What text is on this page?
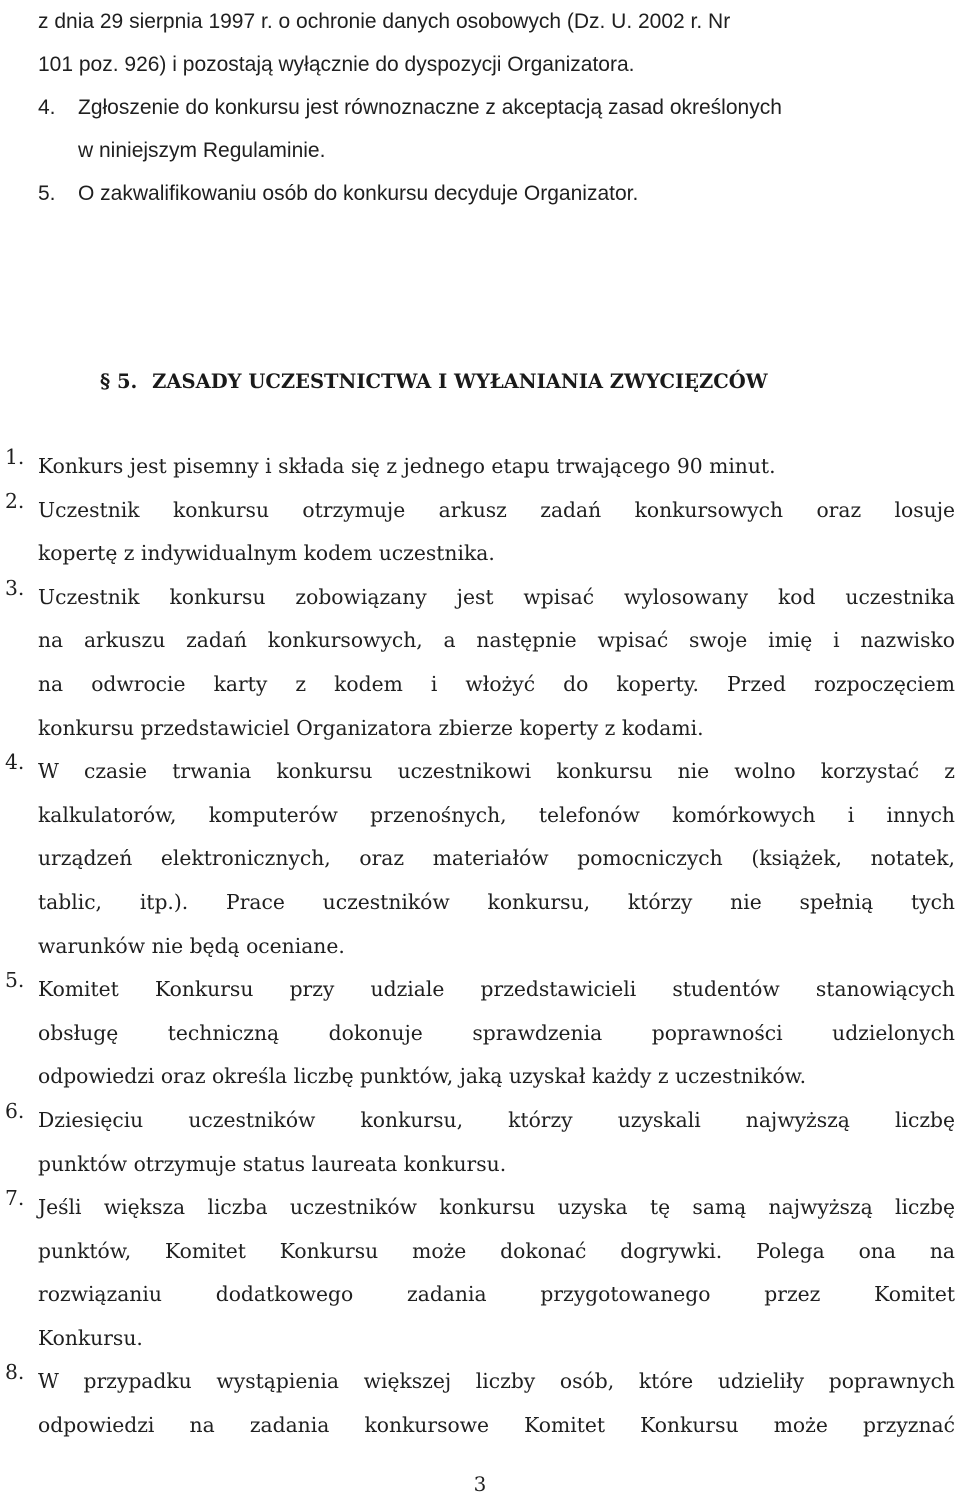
z dnia 29 sierpnia 1997 r. o ochronie danych osobowych (Dz. U. 2002 r. Nr
101 poz. 926) i pozostają wyłącznie do dyspozycji Organizatora.
4.	Zgłoszenie do konkursu jest równoznaczne z akceptacją zasad określonych
w niniejszym Regulaminie.
5.	O zakwalifikowaniu osób do konkursu decyduje Organizator.
§ 5. ZASADY UCZESTNICTWA I WYŁANIANIA ZWYCIĘZCÓW
1. Konkurs jest pisemny i składa się z jednego etapu trwającego 90 minut.
2. Uczestnik konkursu otrzymuje arkusz zadań konkursowych oraz losuje
kopertę z indywidualnym kodem uczestnika.
3. Uczestnik konkursu zobowiązany jest wpisać wylosowany kod uczestnika
na arkuszu zadań konkursowych, a następnie wpisać swoje imię i nazwisko
na odwrocie karty z kodem i włożyć do koperty. Przed rozpoczęciem
konkursu przedstawiciel Organizatora zbierze koperty z kodami.
4. W czasie trwania konkursu uczestnikowi konkursu nie wolno korzystać z
kalkulatorów, komputerów przenośnych, telefonów komórkowych i innych
urządzeń elektronicznych, oraz materiałów pomocniczych (książek, notatek,
tablic, itp.). Prace uczestników konkursu, którzy nie spełnią tych
warunków nie będą oceniane.
5. Komitet Konkursu przy udziale przedstawicieli studentów stanowiących
obsługę techniczną dokonuje sprawdzenia poprawności udzielonych
odpowiedzi oraz określa liczbę punktów, jaką uzyskał każdy z uczestników.
6. Dziesięciu uczestników konkursu, którzy uzyskali najwyższą liczbę
punktów otrzymuje status laureata konkursu.
7. Jeśli większa liczba uczestników konkursu uzyska tę samą najwyższą liczbę
punktów, Komitet Konkursu może dokonać dogrywki. Polega ona na
rozwiązaniu dodatkowego zadania przygotowanego przez Komitet
Konkursu.
8. W przypadku wystąpienia większej liczby osób, które udzieliły poprawnych
odpowiedzi na zadania konkursowe Komitet Konkursu może przyznać
3
